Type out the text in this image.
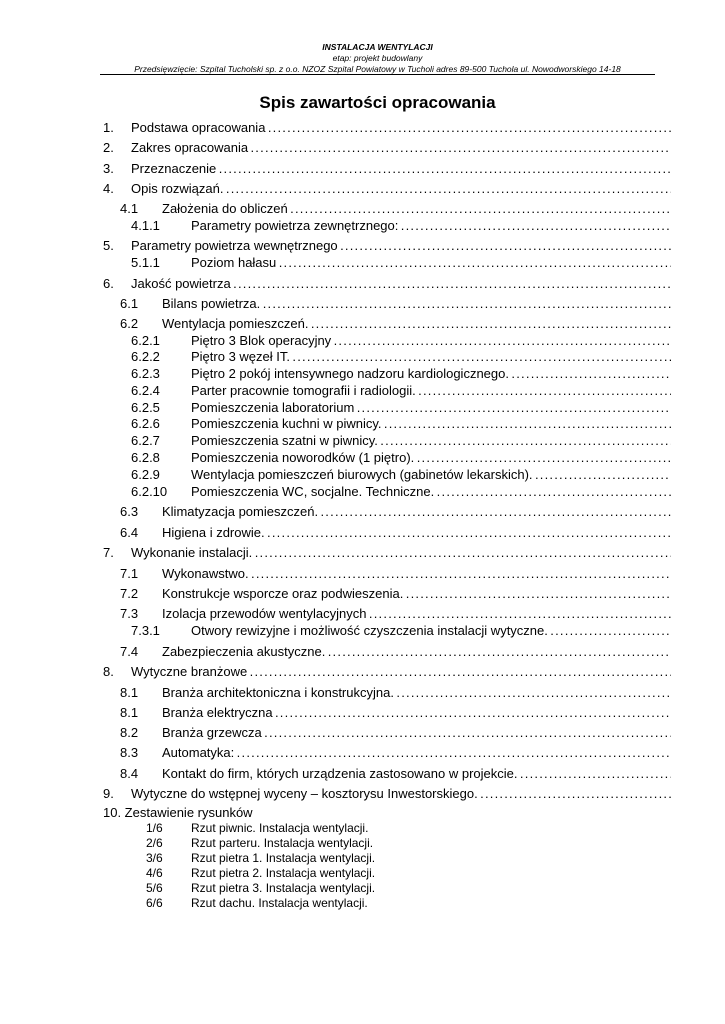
INSTALACJA WENTYLACJI
etap: projekt budowlany
Przedsięwzięcie: Szpital Tucholski sp. z o.o. NZOZ Szpital Powiatowy w Tucholi adres 89-500 Tuchola ul. Nowodworskiego 14-18
Spis zawartości opracowania
1. Podstawa opracowania . . .
2. Zakres opracowania . . .
3. Przeznaczenie . . .
4. Opis rozwiązań. . . .
4.1 Założenia do obliczeń . . .
4.1.1 Parametry powietrza zewnętrznego: . . .
5. Parametry powietrza wewnętrznego . . .
5.1.1 Poziom hałasu . . .
6. Jakość powietrza . . .
6.1 Bilans powietrza. . . .
6.2 Wentylacja pomieszczeń. . . .
6.2.1 Piętro 3 Blok operacyjny . . .
6.2.2 Piętro 3 węzeł IT. . . .
6.2.3 Piętro 2 pokój intensywnego nadzoru kardiologicznego. . . .
6.2.4 Parter pracownie tomografii i radiologii. . . .
6.2.5 Pomieszczenia laboratorium . . .
6.2.6 Pomieszczenia kuchni w piwnicy. . . .
6.2.7 Pomieszczenia szatni w piwnicy. . . .
6.2.8 Pomieszczenia noworodków (1 piętro). . . .
6.2.9 Wentylacja pomieszczeń biurowych (gabinetów lekarskich). . . .
6.2.10 Pomieszczenia WC, socjalne. Techniczne. . . .
6.3 Klimatyzacja pomieszczeń. . . .
6.4 Higiena i zdrowie. . . .
7. Wykonanie instalacji. . . .
7.1 Wykonawstwo. . . .
7.2 Konstrukcje wsporcze oraz podwieszenia. . . .
7.3 Izolacja przewodów wentylacyjnych . . .
7.3.1 Otwory rewizyjne i możliwość czyszczenia instalacji wytyczne. . . .
7.4 Zabezpieczenia akustyczne. . . .
8. Wytyczne branżowe . . .
8.1 Branża architektoniczna i konstrukcyjna. . . .
8.1 Branża elektryczna . . .
8.2 Branża grzewcza . . .
8.3 Automatyka: . . .
8.4 Kontakt do firm, których urządzenia zastosowano w projekcie. . . .
9. Wytyczne do wstępnej wyceny – kosztorysu Inwestorskiego. . . .
10. Zestawienie rysunków
1/6 Rzut piwnic. Instalacja wentylacji.
2/6 Rzut parteru. Instalacja wentylacji.
3/6 Rzut pietra 1. Instalacja wentylacji.
4/6 Rzut pietra 2. Instalacja wentylacji.
5/6 Rzut pietra 3. Instalacja wentylacji.
6/6 Rzut dachu. Instalacja wentylacji.
